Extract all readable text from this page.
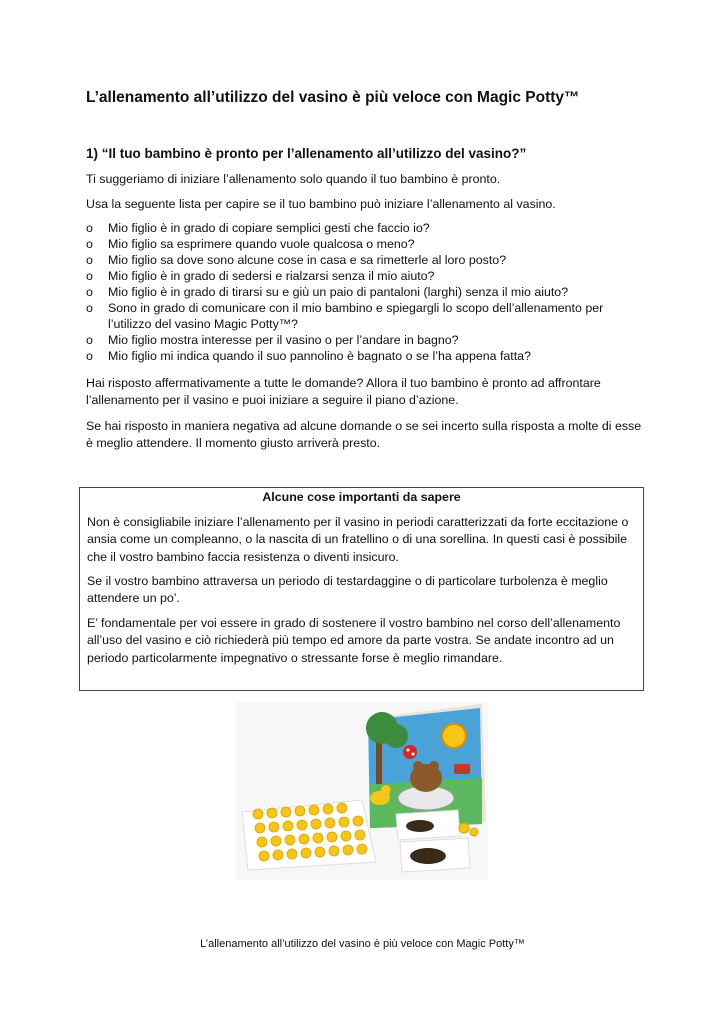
L’allenamento all’utilizzo del vasino è più veloce con Magic Potty™
1) “Il tuo bambino è pronto per l’allenamento all’utilizzo del vasino?”
Ti suggeriamo di iniziare l’allenamento solo quando il tuo bambino è pronto.
Usa la seguente lista per capire se il tuo bambino può iniziare l’allenamento al vasino.
o Mio figlio è in grado di copiare semplici gesti che faccio io?
o Mio figlio sa esprimere quando vuole qualcosa o meno?
o Mio figlio sa dove sono alcune cose in casa e sa rimetterle al loro posto?
o Mio figlio è in grado di sedersi e rialzarsi senza il mio aiuto?
o Mio figlio è in grado di tirarsi su e giù un paio di pantaloni (larghi) senza il mio aiuto?
o Sono in grado di comunicare con il mio bambino e spiegargli lo scopo dell’allenamento per l’utilizzo del vasino Magic Potty™?
o Mio figlio mostra interesse per il vasino o per l’andare in bagno?
o Mio figlio mi indica quando il suo pannolino è bagnato o se l’ha appena fatta?
Hai risposto affermativamente a tutte le domande? Allora il tuo bambino è pronto ad affrontare l’allenamento per il vasino e puoi iniziare a seguire il piano d’azione.
Se hai risposto in maniera negativa ad alcune domande o se sei incerto sulla risposta a molte di esse è meglio attendere. Il momento giusto arriverà presto.
Alcune cose importanti da sapere
Non è consigliabile iniziare l’allenamento per il vasino in periodi caratterizzati da forte eccitazione o ansia come un compleanno, o la nascita di un fratellino o di una sorellina. In questi casi è possibile che il vostro bambino faccia resistenza o diventi insicuro.
Se il vostro bambino attraversa un periodo di testardaggine o di particolare turbolenza è meglio attendere un po’.
E’ fondamentale per voi essere in grado di sostenere il vostro bambino nel corso dell’allenamento all’uso del vasino e ciò richiederà più tempo ed amore da parte vostra. Se andate incontro ad un periodo particolarmente impegnativo o stressante forse è meglio rimandare.
L’allenamento all’utilizzo del vasino è più veloce con Magic Potty™
